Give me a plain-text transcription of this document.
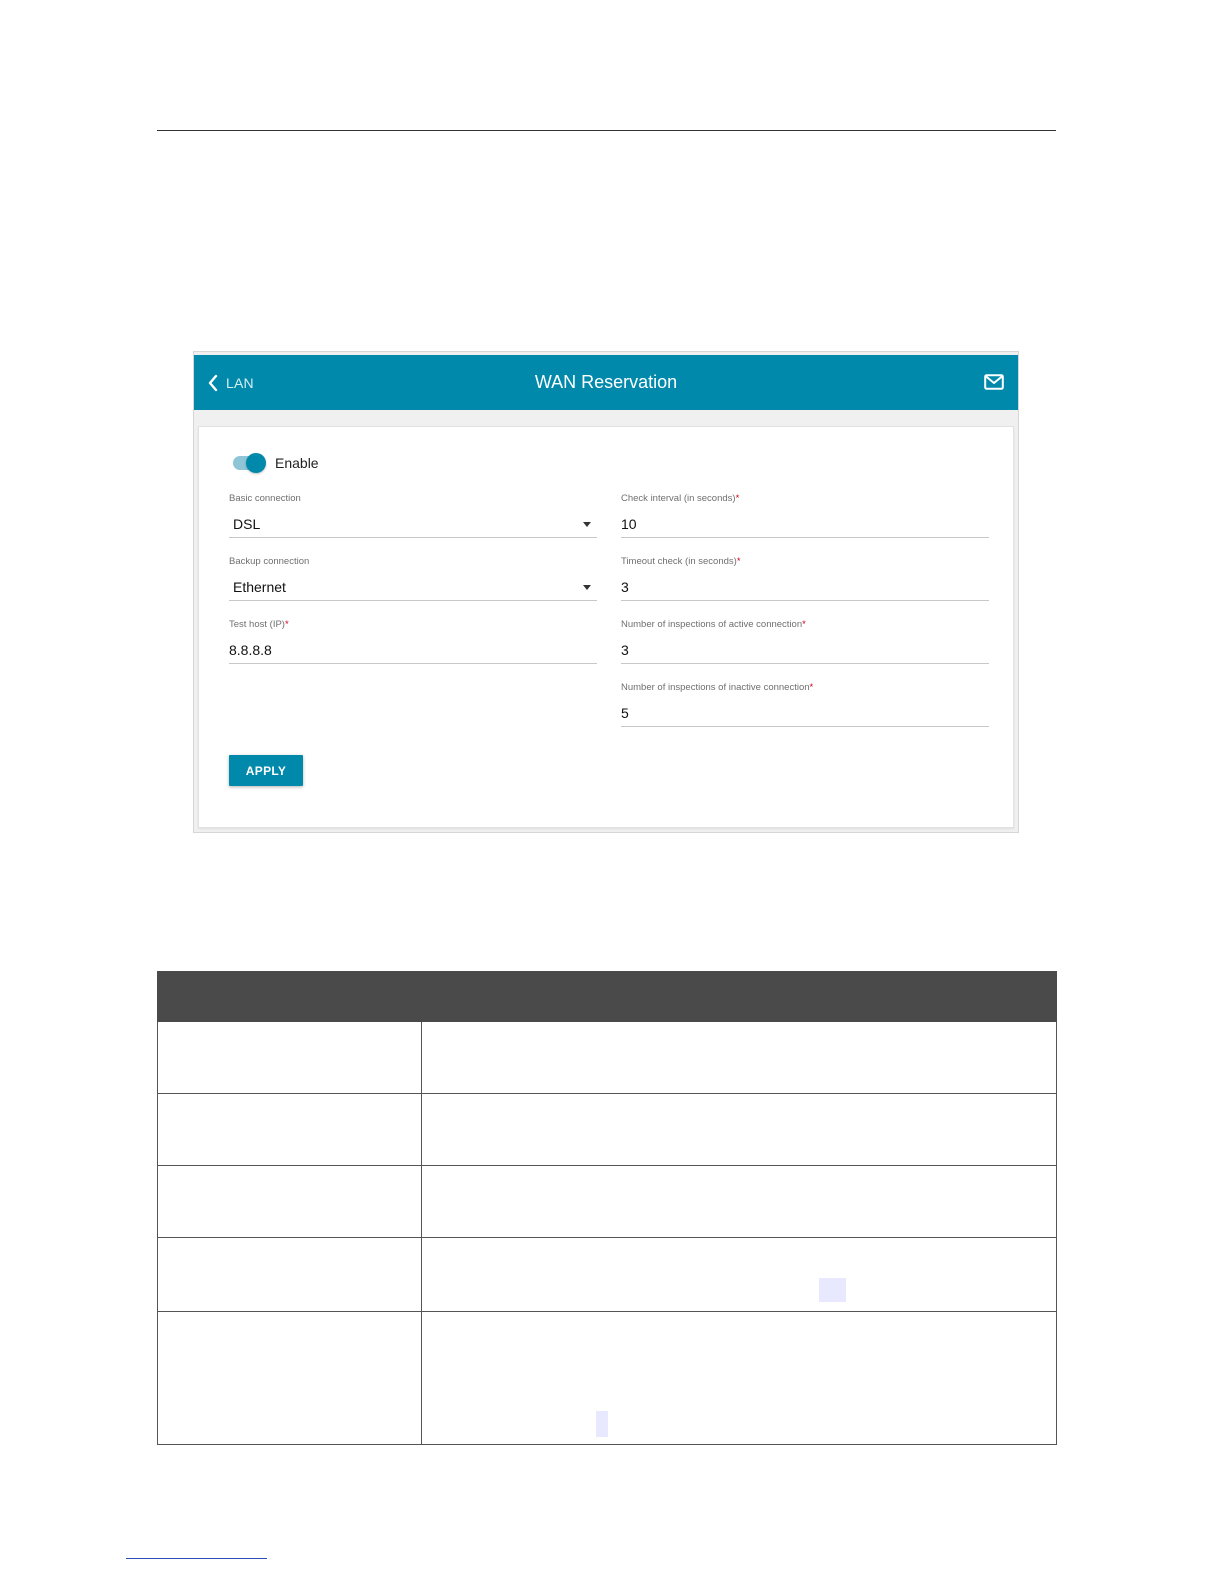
LAN	WAN Reservation
Enable
Basic connection
DSL
Backup connection
Ethernet
Test host (IP)*
8.8.8.8
Check interval (in seconds)*
10
Timeout check (in seconds)*
3
Number of inspections of active connection*
3
Number of inspections of inactive connection*
5
APPLY
